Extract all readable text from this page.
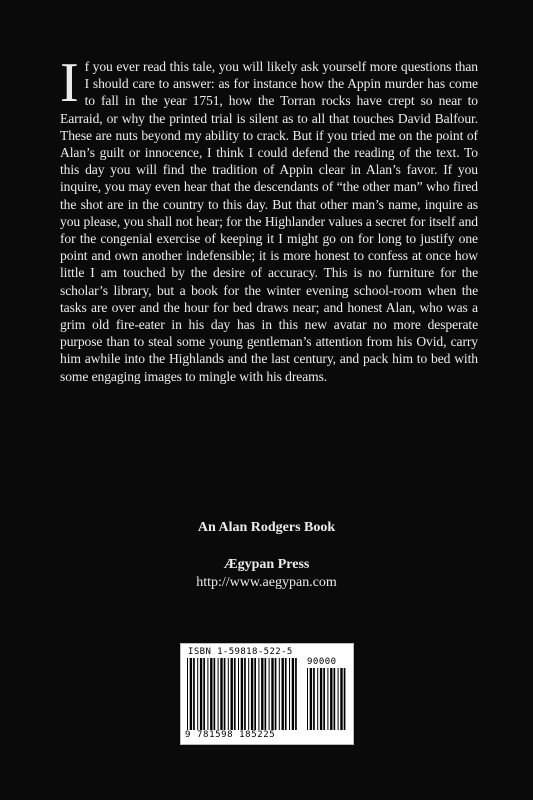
If you ever read this tale, you will likely ask yourself more questions than I should care to answer: as for instance how the Appin murder has come to fall in the year 1751, how the Torran rocks have crept so near to Earraid, or why the printed trial is silent as to all that touches David Balfour. These are nuts beyond my ability to crack. But if you tried me on the point of Alan’s guilt or innocence, I think I could defend the reading of the text. To this day you will find the tradition of Appin clear in Alan’s favor. If you inquire, you may even hear that the descendants of “the other man” who fired the shot are in the country to this day. But that other man’s name, inquire as you please, you shall not hear; for the Highlander values a secret for itself and for the congenial exercise of keeping it I might go on for long to justify one point and own another indefensible; it is more honest to confess at once how little I am touched by the desire of accuracy. This is no furniture for the scholar’s library, but a book for the winter evening school-room when the tasks are over and the hour for bed draws near; and honest Alan, who was a grim old fire-eater in his day has in this new avatar no more desperate purpose than to steal some young gentleman’s attention from his Ovid, carry him awhile into the Highlands and the last century, and pack him to bed with some engaging images to mingle with his dreams.
An Alan Rodgers Book
Ægypan Press
http://www.aegypan.com
ISBN 1-59818-522-5
90000
9 781598 185225
